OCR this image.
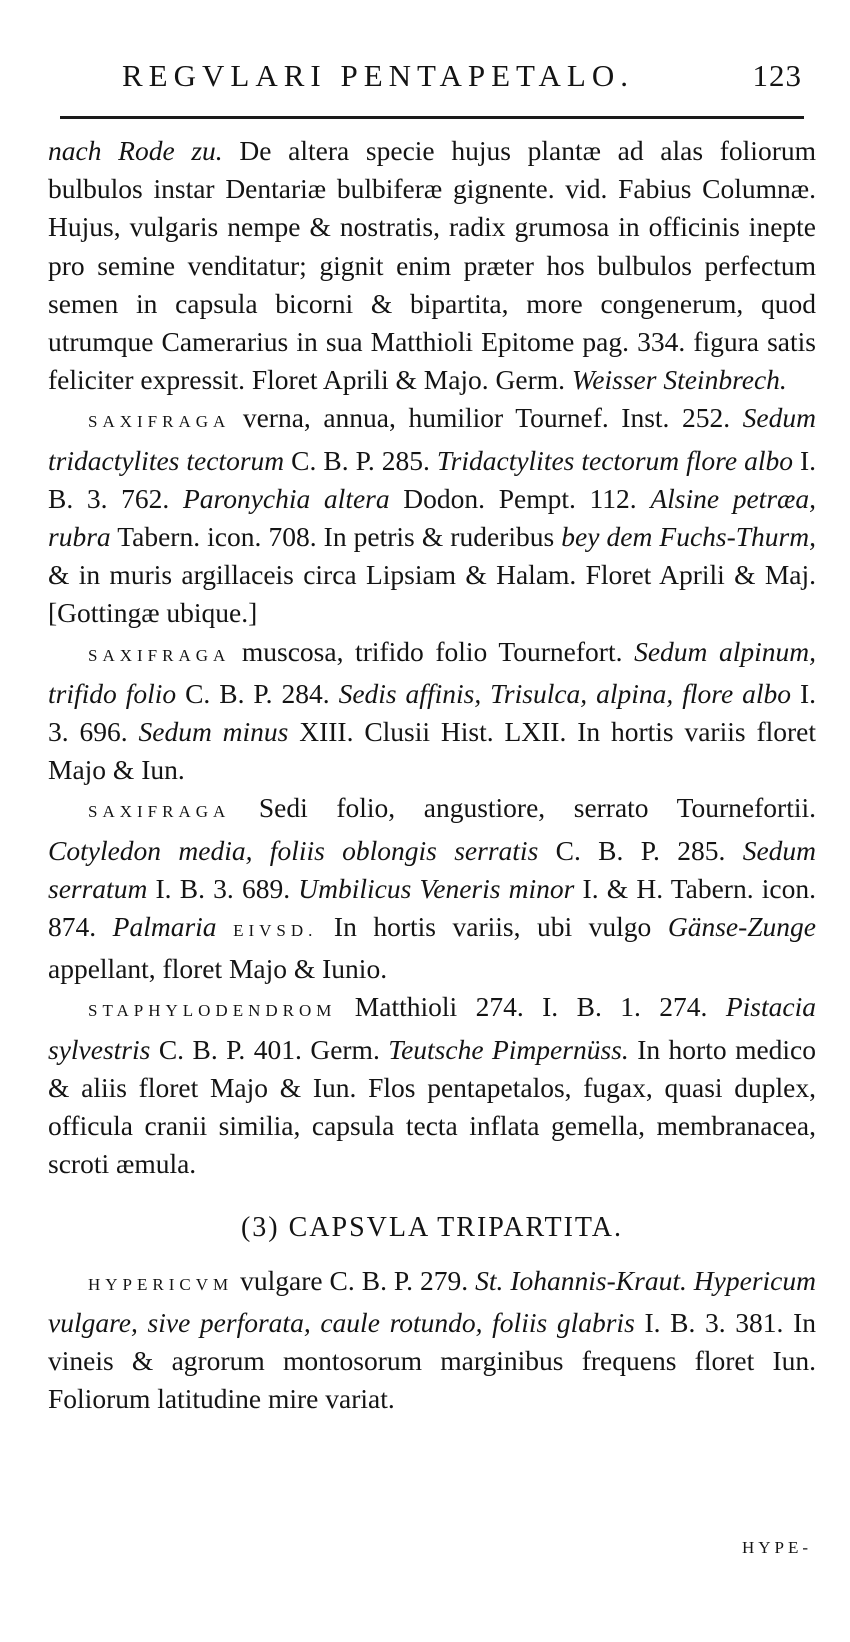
REGVLARI PENTAPETALO.	123

nach Rode zu. De altera specie hujus plantæ ad alas foliorum bulbulos instar Dentariæ bulbiferæ gignente. vid. Fabius Columnæ. Hujus, vulgaris nempe & nostratis, radix grumosa in officinis inepte pro semine venditatur; gignit enim præter hos bulbulos perfectum semen in capsula bicorni & bipartita, more congenerum, quod utrumque Camerarius in sua Matthioli Epitome pag. 334. figura satis feliciter expressit. Floret Aprili & Majo. Germ. Weisser Steinbrech.

SAXIFRAGA verna, annua, humilior Tournef. Inst. 252. Sedum tridactylites tectorum C. B. P. 285. Tridactylites tectorum flore albo I. B. 3. 762. Paronychia altera Dodon. Pempt. 112. Alsine petræa, rubra Tabern. icon. 708. In petris & ruderibus bey dem Fuchs-Thurm, & in muris argillaceis circa Lipsiam & Halam. Floret Aprili & Maj. [Gottingæ ubique.]

SAXIFRAGA muscosa, trifido folio Tournefort. Sedum alpinum, trifido folio C. B. P. 284. Sedis affinis, Trisulca, alpina, flore albo I. 3. 696. Sedum minus XIII. Clusii Hist. LXII. In hortis variis floret Majo & Iun.

SAXIFRAGA Sedi folio, angustiore, serrato Tournefortii. Cotyledon media, foliis oblongis serratis C. B. P. 285. Sedum serratum I. B. 3. 689. Umbilicus Veneris minor I. & H. Tabern. icon. 874. Palmaria EIVSD. In hortis variis, ubi vulgo Gänse-Zunge appellant, floret Majo & Iunio.

STAPHYLODENDROM Matthioli 274. I. B. 1. 274. Pistacia sylvestris C. B. P. 401. Germ. Teutsche Pimpernüss. In horto medico & aliis floret Majo & Iun. Flos pentapetalos, fugax, quasi duplex, officula cranii similia, capsula tecta inflata gemella, membranacea, scroti æmula.

(3) CAPSVLA TRIPARTITA.

HYPERICVM vulgare C. B. P. 279. St. Iohannis-Kraut. Hypericum vulgare, sive perforata, caule rotundo, foliis glabris I. B. 3. 381. In vineis & agrorum montosorum marginibus frequens floret Iun. Foliorum latitudine mire variat.

HYPE-
